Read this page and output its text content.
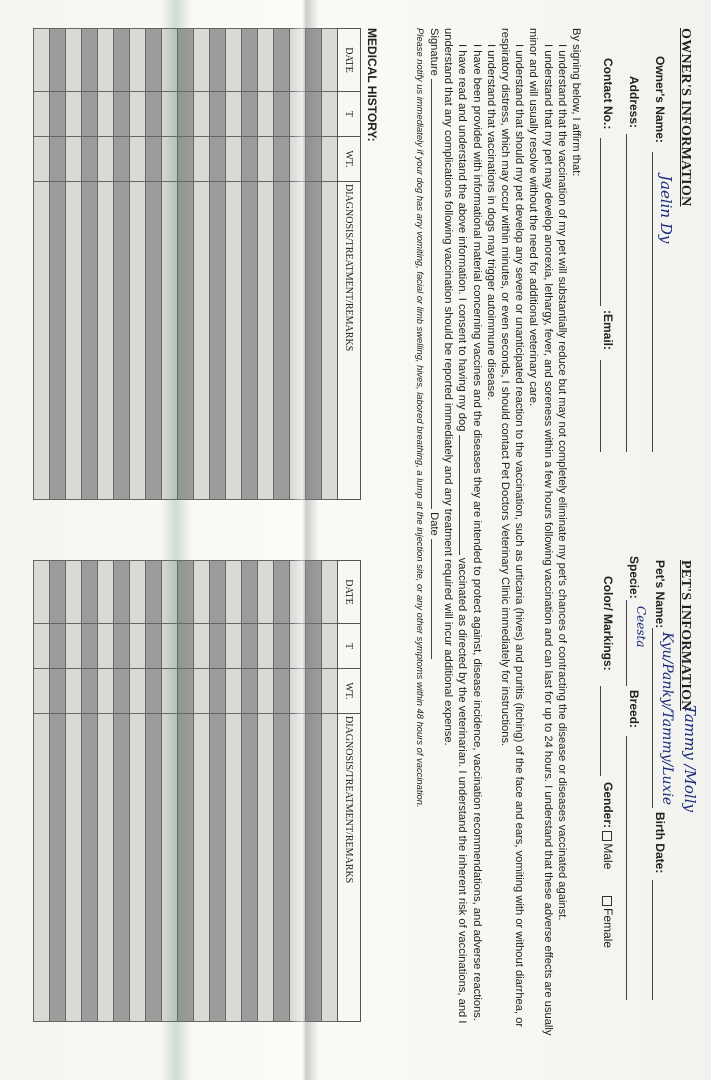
OWNER'S INFORMATION
Owner's Name:
Jaelin Dy
Address:
Contact No.:
:Email:
PET'S INFORMATION
Tammy /Molly
Pet's Name:
Kyu/Panky/Tammy/Luxie
Birth Date:
Specie:
Ceesta
Breed:
Color/ Markings:
Gender: Male        Female

By signing below, I affirm that:

I understand that the vaccination of my pet will substantially reduce but may not completely eliminate my pet's chances of contracting the disease or diseases vaccinated against.

I understand that my pet may develop anorexia, lethargy, fever, and soreness within a few hours following vaccination and can last for up to 24 hours. I understand that these adverse effects are usually minor and will usually resolve without the need for additional veterinary care.

I understand that should my pet develop any severe or unanticipated reaction to the vaccination, such as urticaria (hives) and pruritis (itching) of the face and ears, vomiting with or without diarrhea, or respiratory distress, which may occur within minutes, or even seconds, I should contact Pet Doctors Veterinary Clinic immediately for instructions.

I understand that vaccinations in dogs may trigger autoimmune disease.

I have been provided with informational material concerning vaccines and the diseases they are intended to protect against, disease incidence, vaccination recommendations, and adverse reactions.

I have read and understand the above information. I consent to having my dog  vaccinated as directed by the veterinarian. I understand the inherent risk of vaccinations, and I understand that any complications following vaccination should be reported immediately and any treatment required will incur additional expense.

Signature  Date

Please notify us immediately if your dog has any vomiting, facial or limb swelling, hives, labored breathing, a lump at the injection site, or any other symptoms within 48 hours of vaccination.

MEDICAL HISTORY:
DATE	T	WT.	DIAGNOSIS/TREATMENT/REMARKS

DATE	T	WT.	DIAGNOSIS/TREATMENT/REMARKS
